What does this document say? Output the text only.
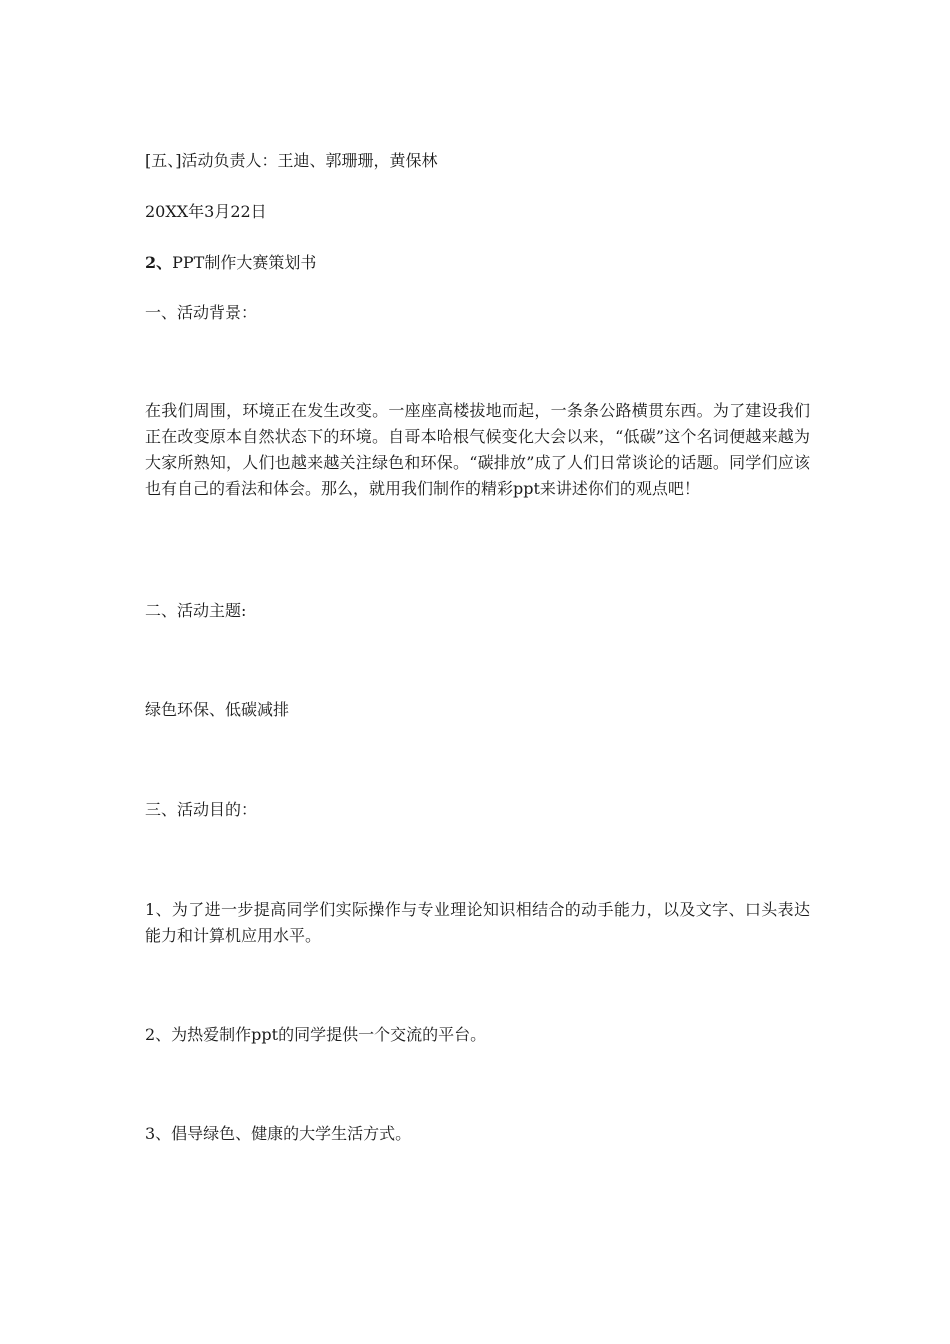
[五、]活动负责人：王迪、郭珊珊，黄保林

20XX年3月22日

2、PPT制作大赛策划书

一、活动背景：

在我们周围，环境正在发生改变。一座座高楼拔地而起，一条条公路横贯东西。为了建设我们正在改变原本自然状态下的环境。自哥本哈根气候变化大会以来，“低碳”这个名词便越来越为大家所熟知，人们也越来越关注绿色和环保。“碳排放”成了人们日常谈论的话题。同学们应该也有自己的看法和体会。那么，就用我们制作的精彩ppt来讲述你们的观点吧！

二、活动主题:

绿色环保、低碳减排

三、活动目的：

1、为了进一步提高同学们实际操作与专业理论知识相结合的动手能力，以及文字、口头表达能力和计算机应用水平。

2、为热爱制作ppt的同学提供一个交流的平台。

3、倡导绿色、健康的大学生活方式。
